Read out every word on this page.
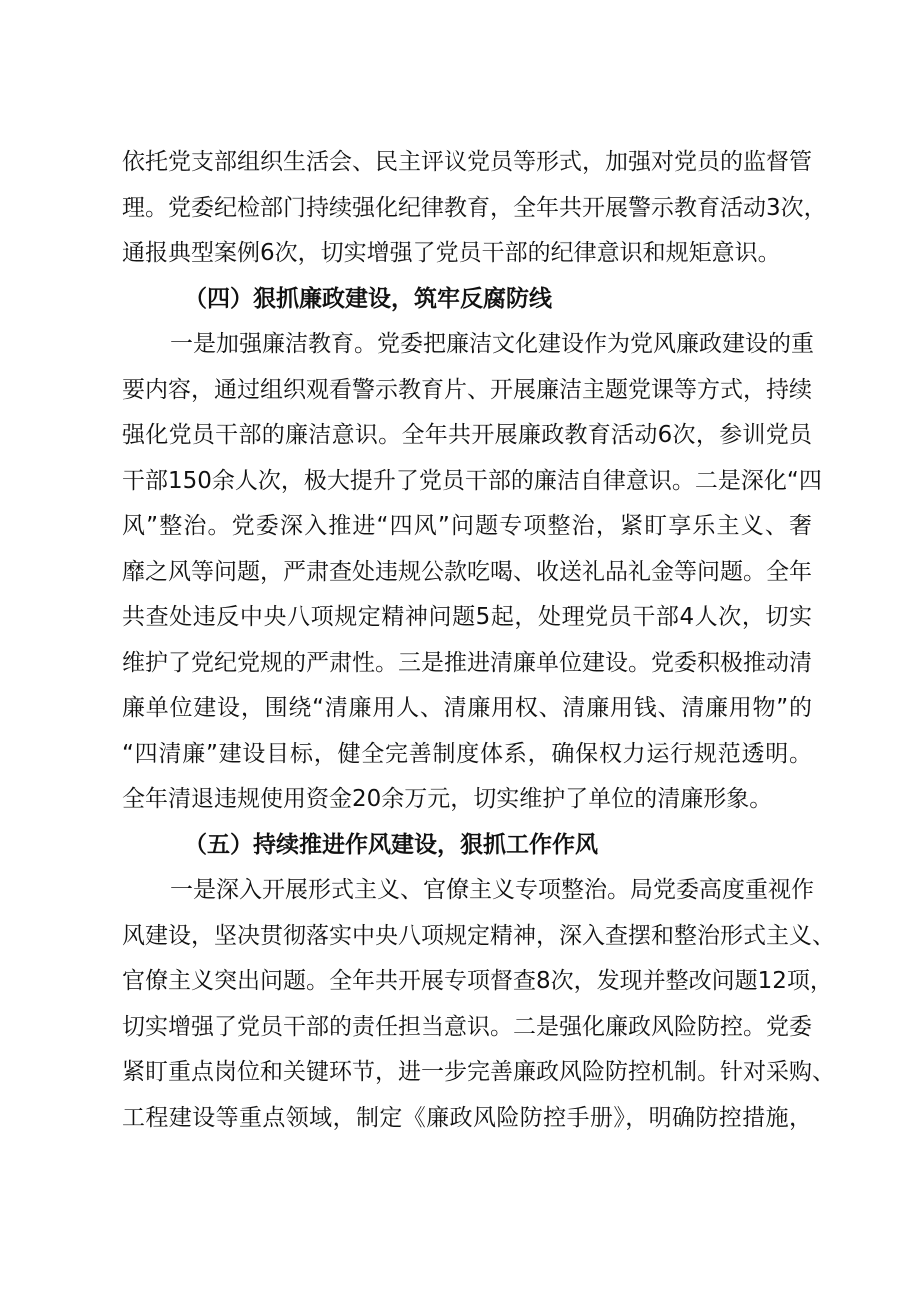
依托党支部组织生活会、民主评议党员等形式，加强对党员的监督管
理。党委纪检部门持续强化纪律教育，全年共开展警示教育活动3次，
通报典型案例6次，切实增强了党员干部的纪律意识和规矩意识。
（四）狠抓廉政建设，筑牢反腐防线
一是加强廉洁教育。党委把廉洁文化建设作为党风廉政建设的重
要内容，通过组织观看警示教育片、开展廉洁主题党课等方式，持续
强化党员干部的廉洁意识。全年共开展廉政教育活动6次，参训党员
干部150余人次，极大提升了党员干部的廉洁自律意识。二是深化“四
风”整治。党委深入推进“四风”问题专项整治，紧盯享乐主义、奢
靡之风等问题，严肃查处违规公款吃喝、收送礼品礼金等问题。全年
共查处违反中央八项规定精神问题5起，处理党员干部4人次，切实
维护了党纪党规的严肃性。三是推进清廉单位建设。党委积极推动清
廉单位建设，围绕“清廉用人、清廉用权、清廉用钱、清廉用物”的
“四清廉”建设目标，健全完善制度体系，确保权力运行规范透明。
全年清退违规使用资金20余万元，切实维护了单位的清廉形象。
（五）持续推进作风建设，狠抓工作作风
一是深入开展形式主义、官僚主义专项整治。局党委高度重视作
风建设，坚决贯彻落实中央八项规定精神，深入查摆和整治形式主义、
官僚主义突出问题。全年共开展专项督查8次，发现并整改问题12项，
切实增强了党员干部的责任担当意识。二是强化廉政风险防控。党委
紧盯重点岗位和关键环节，进一步完善廉政风险防控机制。针对采购、
工程建设等重点领域，制定《廉政风险防控手册》，明确防控措施，
